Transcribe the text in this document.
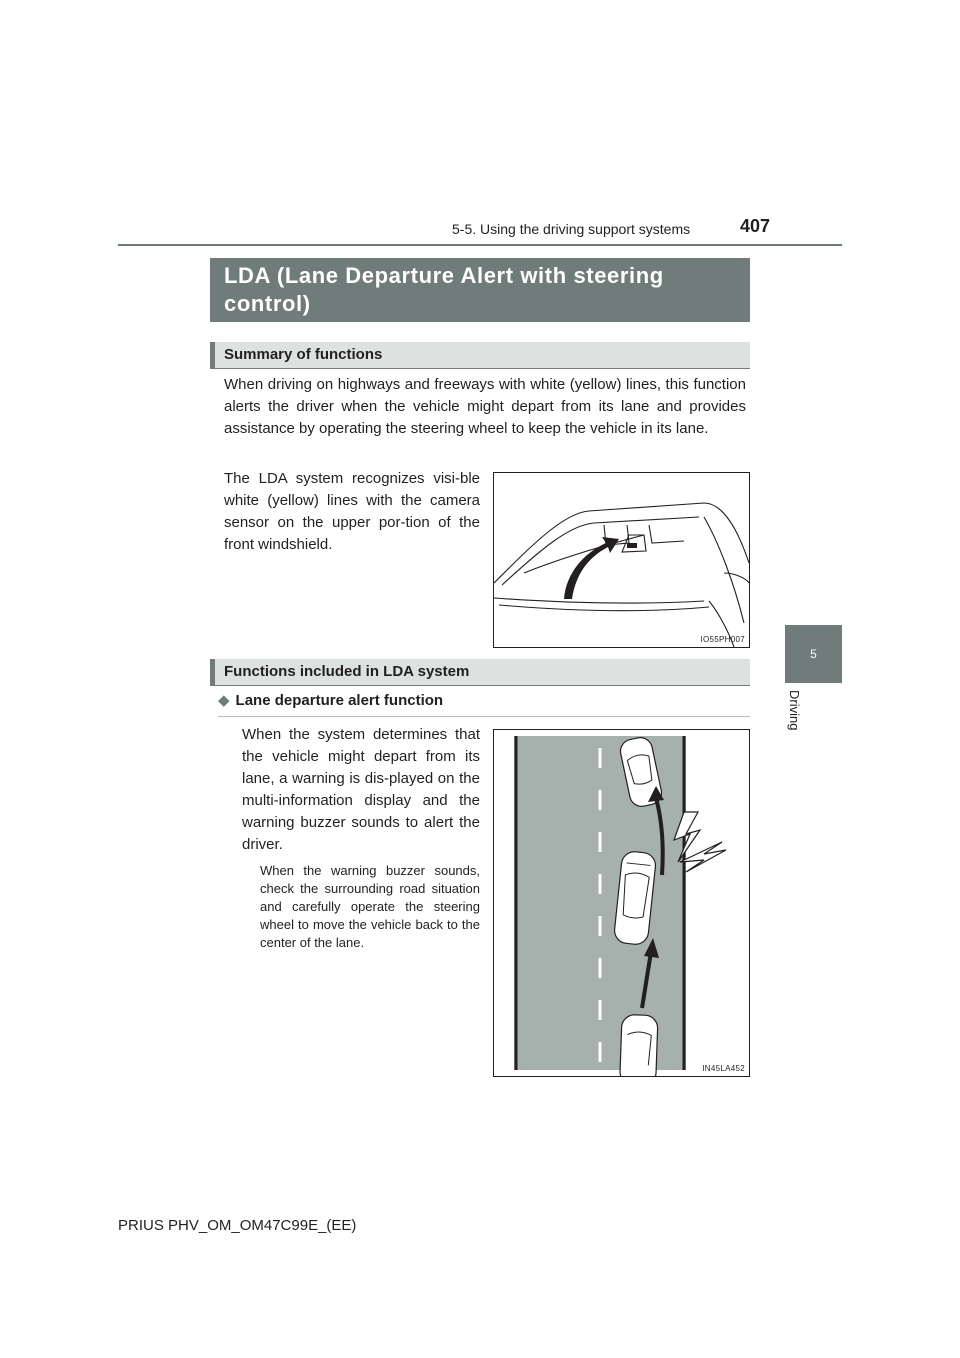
5-5. Using the driving support systems	407
5
Driving
LDA (Lane Departure Alert with steering
control)
Summary of functions
When driving on highways and freeways with white (yellow) lines, this function alerts the driver when the vehicle might depart from its lane and provides assistance by operating the steering wheel to keep the vehicle in its lane.
The LDA system recognizes visi-ble white (yellow) lines with the camera sensor on the upper por-tion of the front windshield.
IO55PH007
Functions included in LDA system
◆ Lane departure alert function
When the system determines that the vehicle might depart from its lane, a warning is dis-played on the multi-information display and the warning buzzer sounds to alert the driver.
When the warning buzzer sounds, check the surrounding road situation and carefully operate the steering wheel to move the vehicle back to the center of the lane.
IN45LA452
PRIUS PHV_OM_OM47C99E_(EE)
